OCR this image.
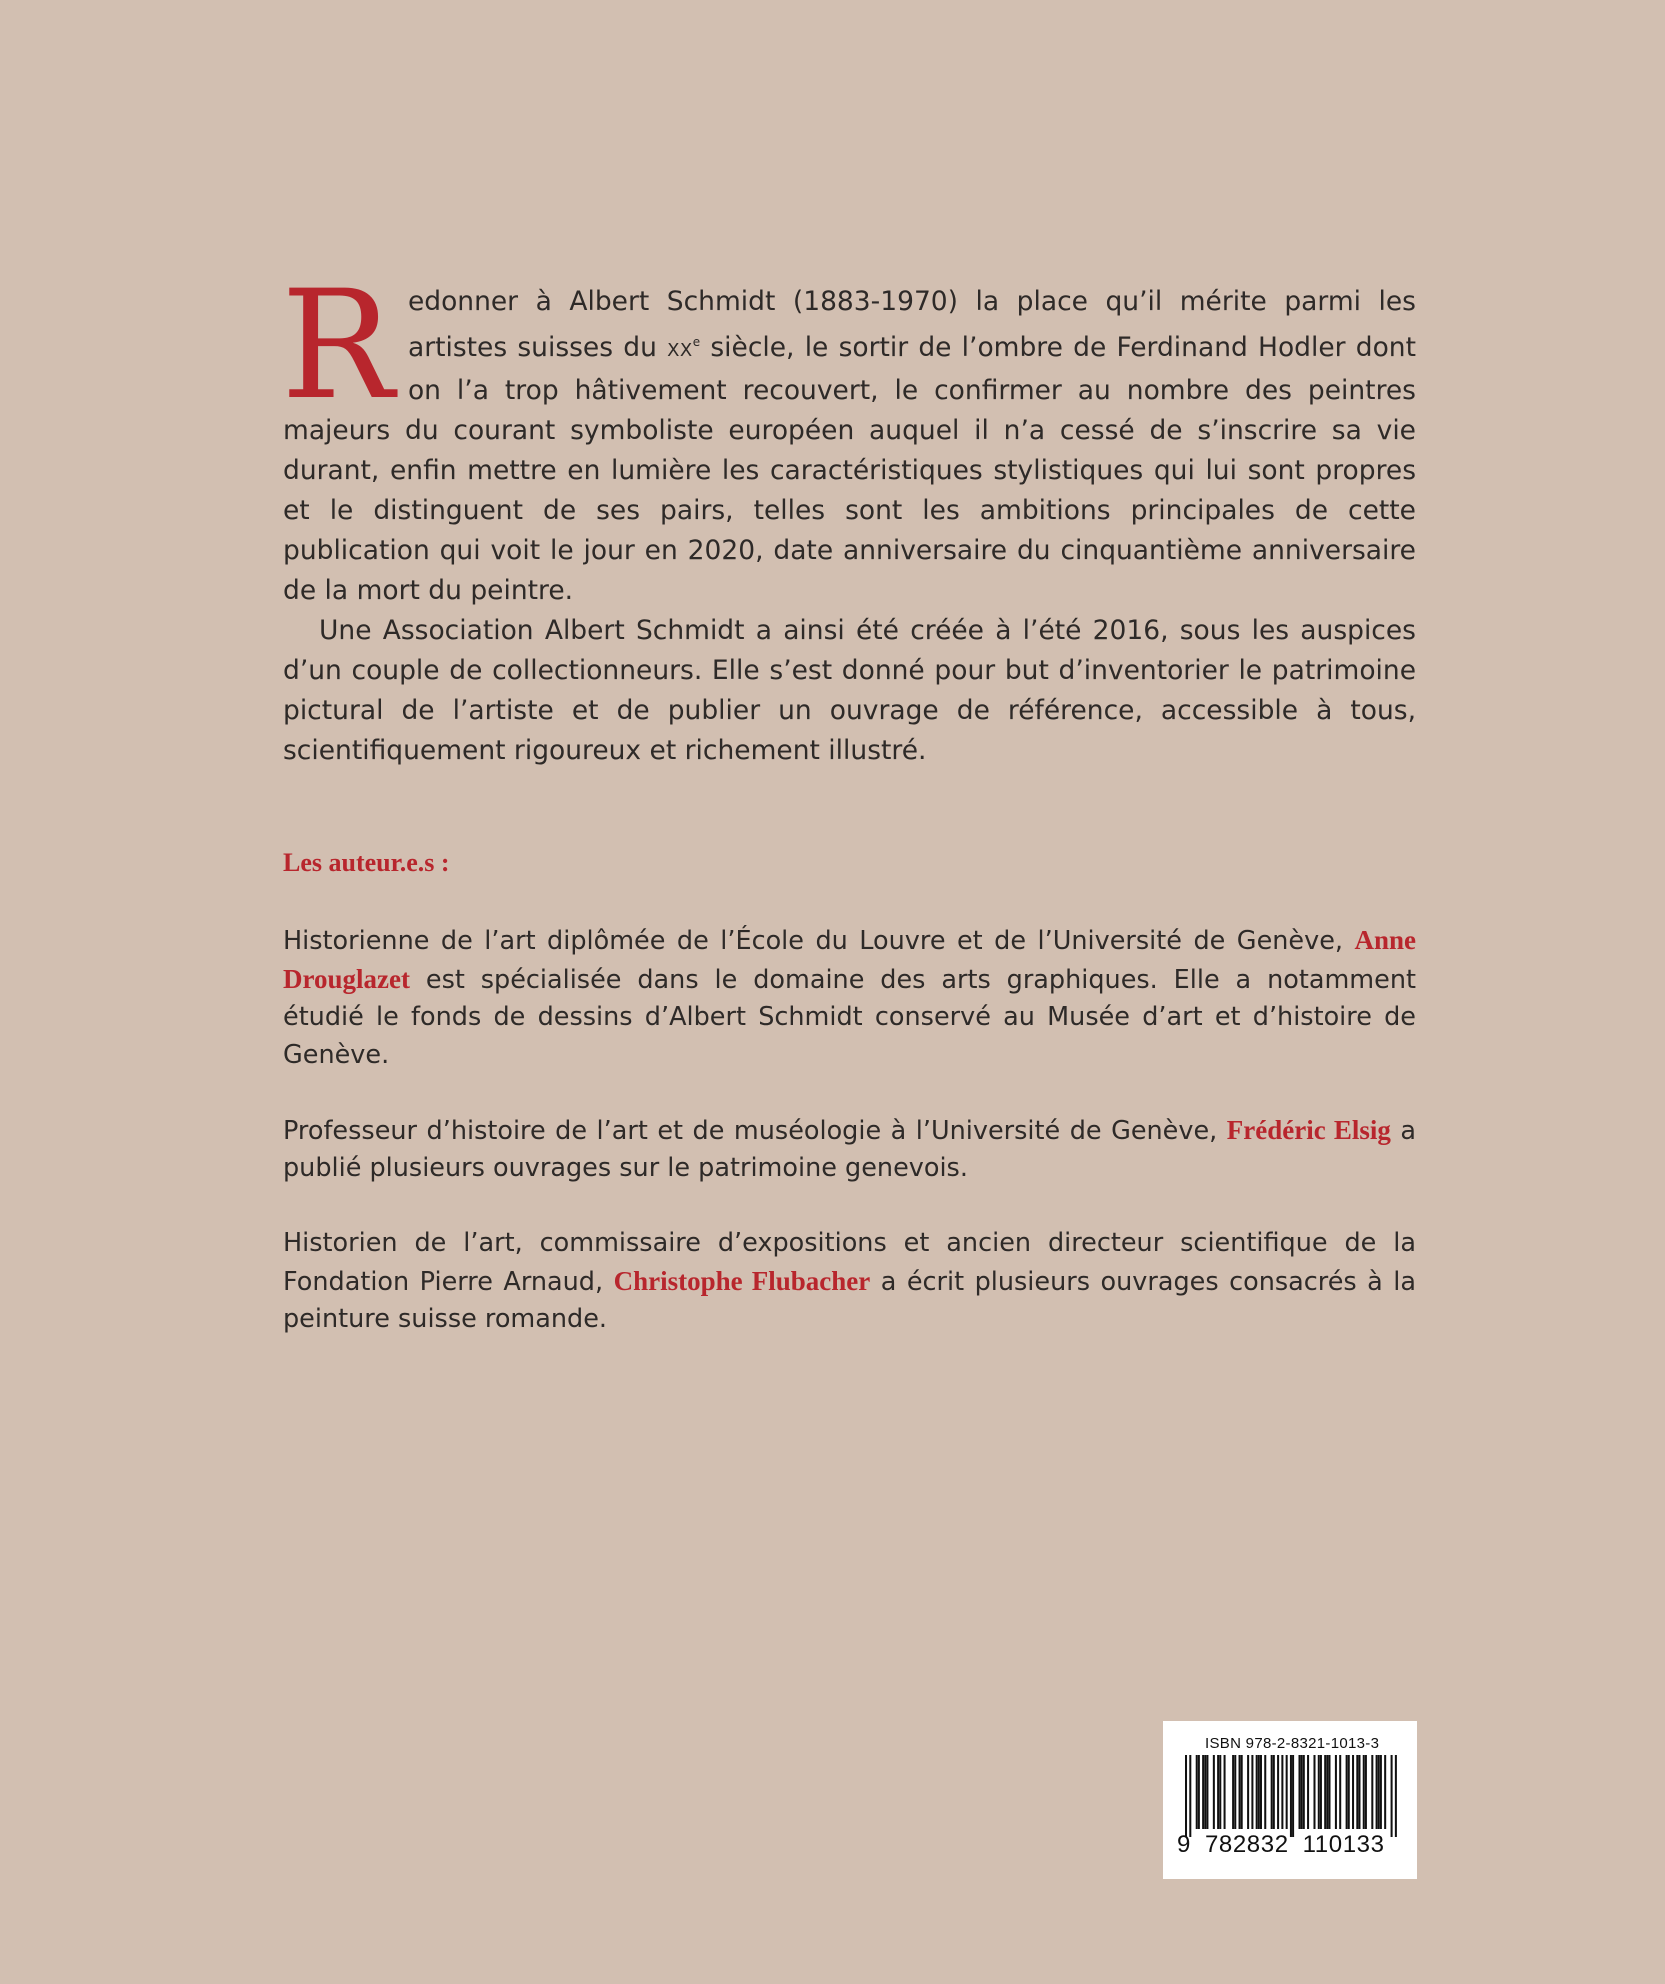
Redonner à Albert Schmidt (1883-1970) la place qu’il mérite parmi les artistes suisses du XXe siècle, le sortir de l’ombre de Ferdinand Hodler dont on l’a trop hâtivement recouvert, le confirmer au nombre des peintres majeurs du courant symboliste européen auquel il n’a cessé de s’inscrire sa vie durant, enfin mettre en lumière les caractéristiques stylistiques qui lui sont propres et le distinguent de ses pairs, telles sont les ambitions principales de cette publication qui voit le jour en 2020, date anniversaire du cinquantième anniversaire de la mort du peintre.

Une Association Albert Schmidt a ainsi été créée à l’été 2016, sous les auspices d’un couple de collectionneurs. Elle s’est donné pour but d’inventorier le patrimoine pictural de l’artiste et de publier un ouvrage de référence, accessible à tous, scientifiquement rigoureux et richement illustré.

Les auteur.e.s :

Historienne de l’art diplômée de l’École du Louvre et de l’Université de Genève, Anne Drouglazet est spécialisée dans le domaine des arts graphiques. Elle a notamment étudié le fonds de dessins d’Albert Schmidt conservé au Musée d’art et d’histoire de Genève.

Professeur d’histoire de l’art et de muséologie à l’Université de Genève, Frédéric Elsig a publié plusieurs ouvrages sur le patrimoine genevois.

Historien de l’art, commissaire d’expositions et ancien directeur scientifique de la Fondation Pierre Arnaud, Christophe Flubacher a écrit plusieurs ouvrages consacrés à la peinture suisse romande.

ISBN 978-2-8321-1013-3
9 782832 110133
